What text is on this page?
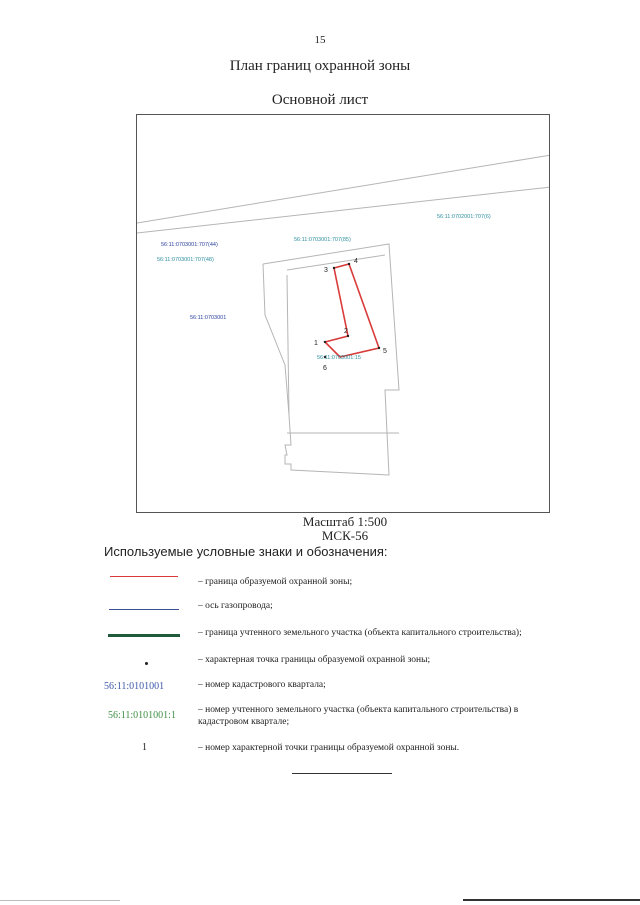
15
План границ охранной зоны
Основной лист
1
2
3
4
5
6
56:11:0702001:707(6)
56:11:0703001:707(44)
56:11:0703001:707(85)
56:11:0703001:707(48)
56:11:0703001
56:11:0703001:15
Масштаб 1:500
МСК-56
Используемые условные знаки и обозначения:
– граница образуемой охранной зоны;
– ось газопровода;
– граница учтенного земельного участка (объекта капитального строительства);
– характерная точка границы образуемой охранной зоны;
56:11:0101001	– номер кадастрового квартала;
56:11:0101001:1 – номер учтенного земельного участка (объекта капитального строительства) в кадастровом квартале;
1	– номер характерной точки границы образуемой охранной зоны.
